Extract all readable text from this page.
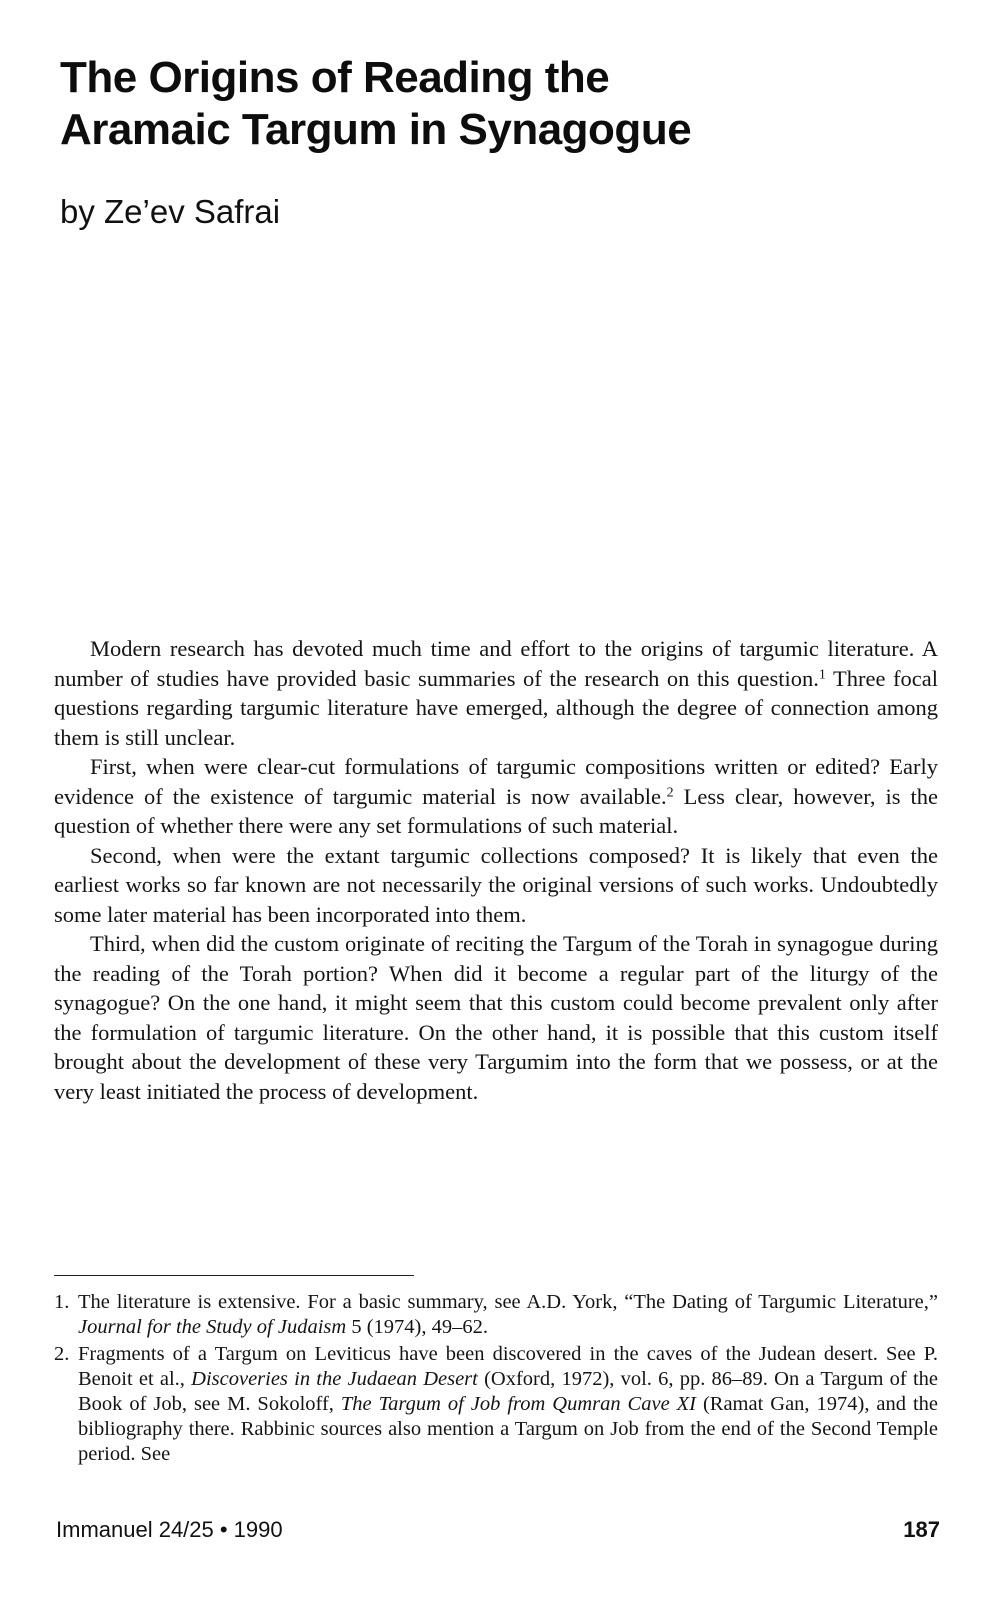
The Origins of Reading the
Aramaic Targum in Synagogue
by Ze’ev Safrai

Modern research has devoted much time and effort to the origins of targumic literature. A number of studies have provided basic summaries of the research on this question.$^1$ Three focal questions regarding targumic literature have emerged, although the degree of connection among them is still unclear.

First, when were clear-cut formulations of targumic compositions written or edited? Early evidence of the existence of targumic material is now available.$^2$ Less clear, however, is the question of whether there were any set formulations of such material.

Second, when were the extant targumic collections composed? It is likely that even the earliest works so far known are not necessarily the original versions of such works. Undoubtedly some later material has been incorporated into them.

Third, when did the custom originate of reciting the Targum of the Torah in synagogue during the reading of the Torah portion? When did it become a regular part of the liturgy of the synagogue? On the one hand, it might seem that this custom could become prevalent only after the formulation of targumic literature. On the other hand, it is possible that this custom itself brought about the development of these very Targumim into the form that we possess, or at the very least initiated the process of development.

1. The literature is extensive. For a basic summary, see A.D. York, “The Dating of Targumic Literature,” Journal for the Study of Judaism 5 (1974), 49–62.
2. Fragments of a Targum on Leviticus have been discovered in the caves of the Judean desert. See P. Benoit et al., Discoveries in the Judaean Desert (Oxford, 1972), vol. 6, pp. 86–89. On a Targum of the Book of Job, see M. Sokoloff, The Targum of Job from Qumran Cave XI (Ramat Gan, 1974), and the bibliography there. Rabbinic sources also mention a Targum on Job from the end of the Second Temple period. See
Immanuel 24/25 • 1990	187
